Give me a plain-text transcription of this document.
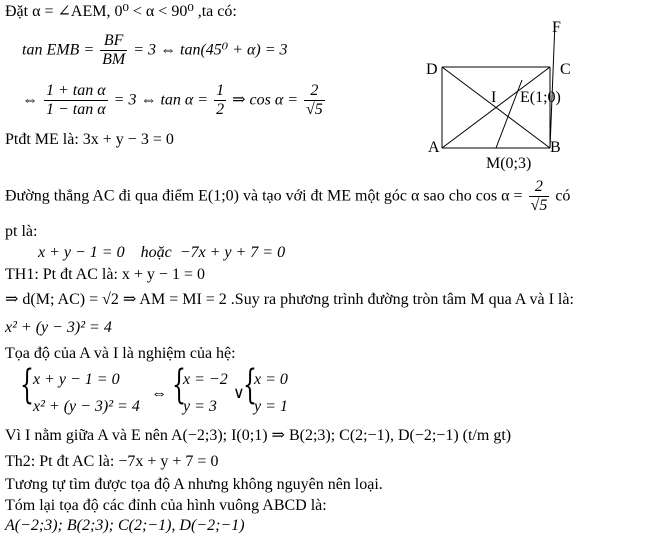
Đặt α = ∠AEM, 0⁰ < α < 90⁰ ,ta có:
tan EMB = $\frac{BF}{BM} = 3$ ⇔ tan(45⁰ + α) = 3
⇔ $\frac{\text{1 + tan α}}{\text{1 − tan α}} = 3$ ⇔ $\tan \alpha = \frac{1}{2}$ ⇒ $\cos \alpha = \frac{2}{√5}$
Ptđt ME là: 3x + y − 3 = 0
D	C
A	B
F
I E(1;0)
M(0;3)
Đường thẳng AC đi qua điểm E(1;0) và tạo với đt ME một góc α sao cho $\cos \alpha = \frac{2}{√5}$ có
pt là:
x + y − 1 = 0    hoặc  −7x + y + 7 = 0
TH1: Pt đt AC là: x + y − 1 = 0
⇒ d(M; AC) = √2 ⇒ AM = MI = 2 .Suy ra phương trình đường tròn tâm M qua A và I là:
x² + (y − 3)² = 4
Tọa độ của A và I là nghiệm của hệ:
{ x + y − 1 = 0
x² + (y − 3)² = 4
⇔ {
x = −2
y = 3
∨
{
x = 0
y = 1
Vì I nằm giữa A và E nên A(−2;3); I(0;1) ⇒ B(2;3); C(2;−1), D(−2;−1) (t/m gt)
Th2: Pt đt AC là: −7x + y + 7 = 0
Tương tự tìm được tọa độ A nhưng không nguyên nên loại.
Tóm lại tọa độ các đỉnh của hình vuông ABCD là:
A(−2;3); B(2;3); C(2;−1), D(−2;−1)
